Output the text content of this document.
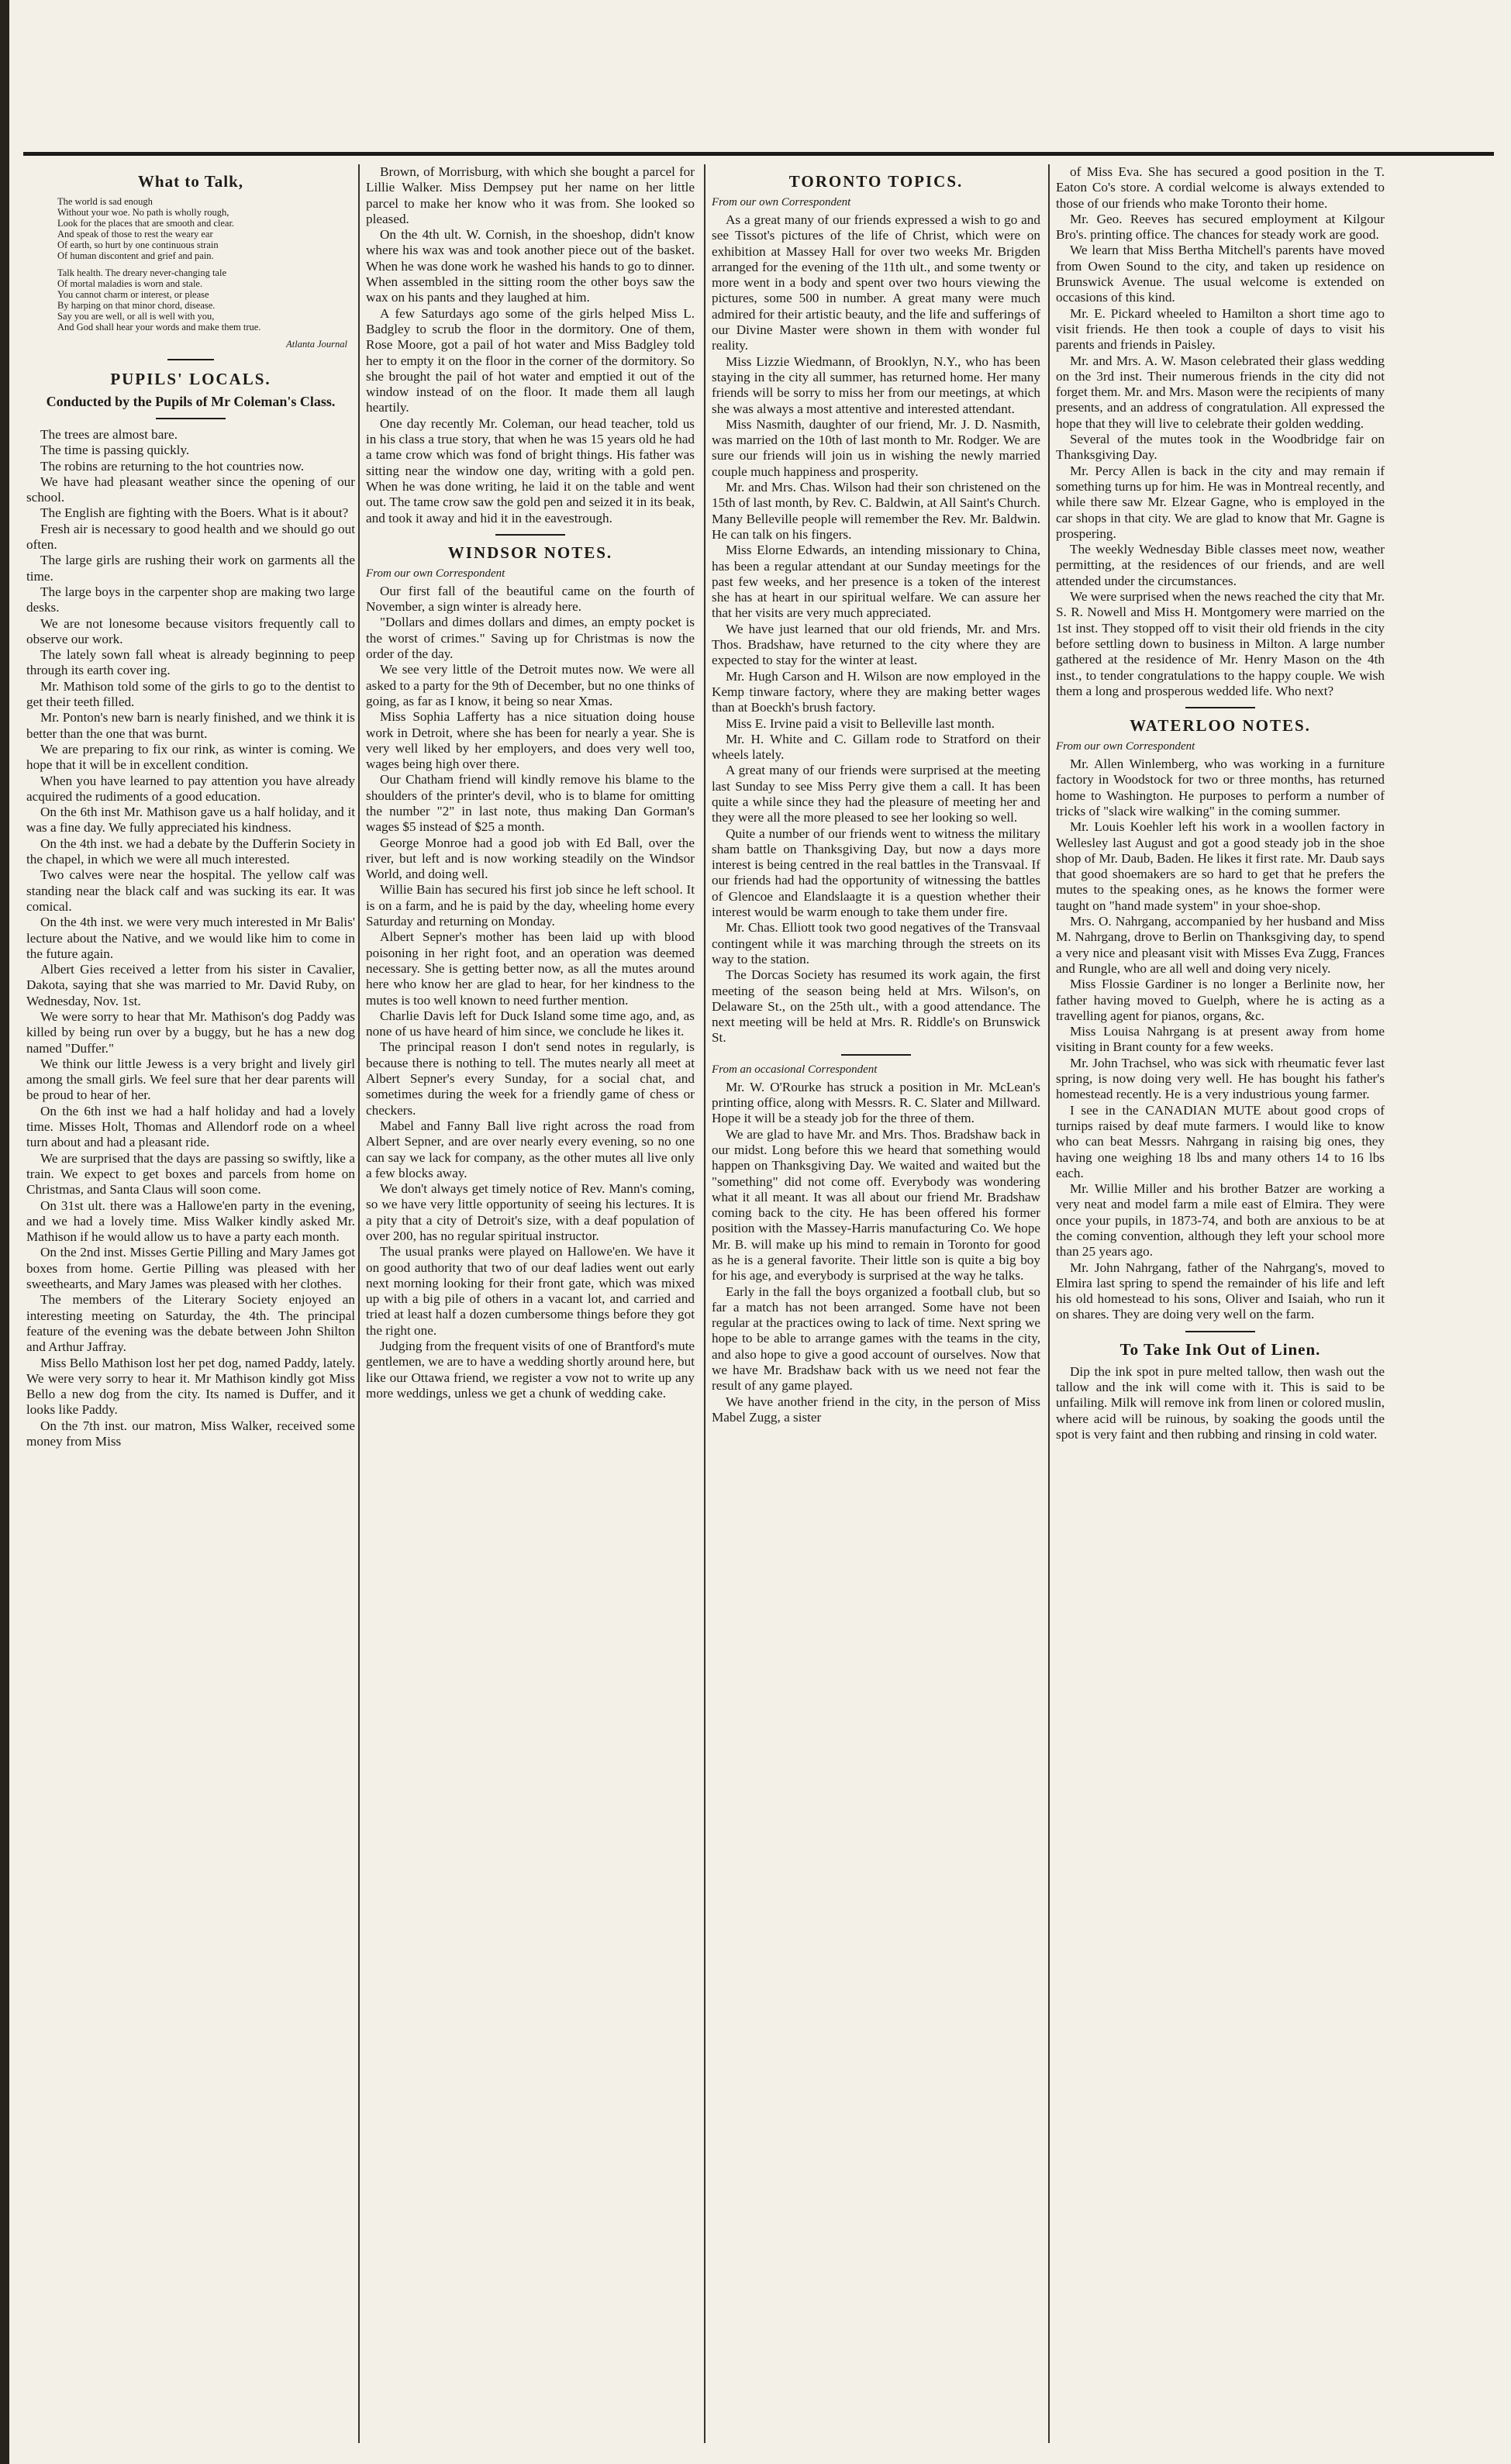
What to Talk,

The world is sad enough

Without your woe. No path is wholly rough,

Look for the places that are smooth and clear.

And speak of those to rest the weary ear

Of earth, so hurt by one continuous strain

Of human discontent and grief and pain.

Talk health. The dreary never-changing tale

Of mortal maladies is worn and stale.

You cannot charm or interest, or please

By harping on that minor chord, disease.

Say you are well, or all is well with you,

And God shall hear your words and make them true.

Atlanta Journal

PUPILS' LOCALS.
Conducted by the Pupils of Mr Coleman's Class.

The trees are almost bare.

The time is passing quickly.

The robins are returning to the hot countries now.

We have had pleasant weather since the opening of our school.

The English are fighting with the Boers. What is it about?

Fresh air is necessary to good health and we should go out often.

The large girls are rushing their work on garments all the time.

The large boys in the carpenter shop are making two large desks.

We are not lonesome because visitors frequently call to observe our work.

The lately sown fall wheat is already beginning to peep through its earth cover ing.

Mr. Mathison told some of the girls to go to the dentist to get their teeth filled.

Mr. Ponton's new barn is nearly finished, and we think it is better than the one that was burnt.

We are preparing to fix our rink, as winter is coming. We hope that it will be in excellent condition.

When you have learned to pay attention you have already acquired the rudiments of a good education.

On the 6th inst Mr. Mathison gave us a half holiday, and it was a fine day. We fully appreciated his kindness.

On the 4th inst. we had a debate by the Dufferin Society in the chapel, in which we were all much interested.

Two calves were near the hospital. The yellow calf was standing near the black calf and was sucking its ear. It was comical.

On the 4th inst. we were very much interested in Mr Balis' lecture about the Native, and we would like him to come in the future again.

Albert Gies received a letter from his sister in Cavalier, Dakota, saying that she was married to Mr. David Ruby, on Wednesday, Nov. 1st.

We were sorry to hear that Mr. Mathison's dog Paddy was killed by being run over by a buggy, but he has a new dog named "Duffer."

We think our little Jewess is a very bright and lively girl among the small girls. We feel sure that her dear parents will be proud to hear of her.

On the 6th inst we had a half holiday and had a lovely time. Misses Holt, Thomas and Allendorf rode on a wheel turn about and had a pleasant ride.

We are surprised that the days are passing so swiftly, like a train. We expect to get boxes and parcels from home on Christmas, and Santa Claus will soon come.

On 31st ult. there was a Hallowe'en party in the evening, and we had a lovely time. Miss Walker kindly asked Mr. Mathison if he would allow us to have a party each month.

On the 2nd inst. Misses Gertie Pilling and Mary James got boxes from home. Gertie Pilling was pleased with her sweethearts, and Mary James was pleased with her clothes.

The members of the Literary Society enjoyed an interesting meeting on Saturday, the 4th. The principal feature of the evening was the debate between John Shilton and Arthur Jaffray.

Miss Bello Mathison lost her pet dog, named Paddy, lately. We were very sorry to hear it. Mr Mathison kindly got Miss Bello a new dog from the city. Its named is Duffer, and it looks like Paddy.

On the 7th inst. our matron, Miss Walker, received some money from Miss

Brown, of Morrisburg, with which she bought a parcel for Lillie Walker. Miss Dempsey put her name on her little parcel to make her know who it was from. She looked so pleased.

On the 4th ult. W. Cornish, in the shoeshop, didn't know where his wax was and took another piece out of the basket. When he was done work he washed his hands to go to dinner. When assembled in the sitting room the other boys saw the wax on his pants and they laughed at him.

A few Saturdays ago some of the girls helped Miss L. Badgley to scrub the floor in the dormitory. One of them, Rose Moore, got a pail of hot water and Miss Badgley told her to empty it on the floor in the corner of the dormitory. So she brought the pail of hot water and emptied it out of the window instead of on the floor. It made them all laugh heartily.

One day recently Mr. Coleman, our head teacher, told us in his class a true story, that when he was 15 years old he had a tame crow which was fond of bright things. His father was sitting near the window one day, writing with a gold pen. When he was done writing, he laid it on the table and went out. The tame crow saw the gold pen and seized it in its beak, and took it away and hid it in the eavestrough.

WINDSOR NOTES.
From our own Correspondent

Our first fall of the beautiful came on the fourth of November, a sign winter is already here.

"Dollars and dimes dollars and dimes, an empty pocket is the worst of crimes." Saving up for Christmas is now the order of the day.

We see very little of the Detroit mutes now. We were all asked to a party for the 9th of December, but no one thinks of going, as far as I know, it being so near Xmas.

Miss Sophia Lafferty has a nice situation doing house work in Detroit, where she has been for nearly a year. She is very well liked by her employers, and does very well too, wages being high over there.

Our Chatham friend will kindly remove his blame to the shoulders of the printer's devil, who is to blame for omitting the number "2" in last note, thus making Dan Gorman's wages $5 instead of $25 a month.

George Monroe had a good job with Ed Ball, over the river, but left and is now working steadily on the Windsor World, and doing well.

Willie Bain has secured his first job since he left school. It is on a farm, and he is paid by the day, wheeling home every Saturday and returning on Monday.

Albert Sepner's mother has been laid up with blood poisoning in her right foot, and an operation was deemed necessary. She is getting better now, as all the mutes around here who know her are glad to hear, for her kindness to the mutes is too well known to need further mention.

Charlie Davis left for Duck Island some time ago, and, as none of us have heard of him since, we conclude he likes it.

The principal reason I don't send notes in regularly, is because there is nothing to tell. The mutes nearly all meet at Albert Sepner's every Sunday, for a social chat, and sometimes during the week for a friendly game of chess or checkers.

Mabel and Fanny Ball live right across the road from Albert Sepner, and are over nearly every evening, so no one can say we lack for company, as the other mutes all live only a few blocks away.

We don't always get timely notice of Rev. Mann's coming, so we have very little opportunity of seeing his lectures. It is a pity that a city of Detroit's size, with a deaf population of over 200, has no regular spiritual instructor.

The usual pranks were played on Hallowe'en. We have it on good authority that two of our deaf ladies went out early next morning looking for their front gate, which was mixed up with a big pile of others in a vacant lot, and carried and tried at least half a dozen cumbersome things before they got the right one.

Judging from the frequent visits of one of Brantford's mute gentlemen, we are to have a wedding shortly around here, but like our Ottawa friend, we register a vow not to write up any more weddings, unless we get a chunk of wedding cake.

TORONTO TOPICS.
From our own Correspondent

As a great many of our friends expressed a wish to go and see Tissot's pictures of the life of Christ, which were on exhibition at Massey Hall for over two weeks Mr. Brigden arranged for the evening of the 11th ult., and some twenty or more went in a body and spent over two hours viewing the pictures, some 500 in number. A great many were much admired for their artistic beauty, and the life and sufferings of our Divine Master were shown in them with wonder ful reality.

Miss Lizzie Wiedmann, of Brooklyn, N.Y., who has been staying in the city all summer, has returned home. Her many friends will be sorry to miss her from our meetings, at which she was always a most attentive and interested attendant.

Miss Nasmith, daughter of our friend, Mr. J. D. Nasmith, was married on the 10th of last month to Mr. Rodger. We are sure our friends will join us in wishing the newly married couple much happiness and prosperity.

Mr. and Mrs. Chas. Wilson had their son christened on the 15th of last month, by Rev. C. Baldwin, at All Saint's Church. Many Belleville people will remember the Rev. Mr. Baldwin. He can talk on his fingers.

Miss Elorne Edwards, an intending missionary to China, has been a regular attendant at our Sunday meetings for the past few weeks, and her presence is a token of the interest she has at heart in our spiritual welfare. We can assure her that her visits are very much appreciated.

We have just learned that our old friends, Mr. and Mrs. Thos. Bradshaw, have returned to the city where they are expected to stay for the winter at least.

Mr. Hugh Carson and H. Wilson are now employed in the Kemp tinware factory, where they are making better wages than at Boeckh's brush factory.

Miss E. Irvine paid a visit to Belleville last month.

Mr. H. White and C. Gillam rode to Stratford on their wheels lately.

A great many of our friends were surprised at the meeting last Sunday to see Miss Perry give them a call. It has been quite a while since they had the pleasure of meeting her and they were all the more pleased to see her looking so well.

Quite a number of our friends went to witness the military sham battle on Thanksgiving Day, but now a days more interest is being centred in the real battles in the Transvaal. If our friends had had the opportunity of witnessing the battles of Glencoe and Elandslaagte it is a question whether their interest would be warm enough to take them under fire.

Mr. Chas. Elliott took two good negatives of the Transvaal contingent while it was marching through the streets on its way to the station.

The Dorcas Society has resumed its work again, the first meeting of the season being held at Mrs. Wilson's, on Delaware St., on the 25th ult., with a good attendance. The next meeting will be held at Mrs. R. Riddle's on Brunswick St.

From an occasional Correspondent

Mr. W. O'Rourke has struck a position in Mr. McLean's printing office, along with Messrs. R. C. Slater and Millward. Hope it will be a steady job for the three of them.

We are glad to have Mr. and Mrs. Thos. Bradshaw back in our midst. Long before this we heard that something would happen on Thanksgiving Day. We waited and waited but the "something" did not come off. Everybody was wondering what it all meant. It was all about our friend Mr. Bradshaw coming back to the city. He has been offered his former position with the Massey-Harris manufacturing Co. We hope Mr. B. will make up his mind to remain in Toronto for good as he is a general favorite. Their little son is quite a big boy for his age, and everybody is surprised at the way he talks.

Early in the fall the boys organized a football club, but so far a match has not been arranged. Some have not been regular at the practices owing to lack of time. Next spring we hope to be able to arrange games with the teams in the city, and also hope to give a good account of ourselves. Now that we have Mr. Bradshaw back with us we need not fear the result of any game played.

We have another friend in the city, in the person of Miss Mabel Zugg, a sister

of Miss Eva. She has secured a good position in the T. Eaton Co's store. A cordial welcome is always extended to those of our friends who make Toronto their home.

Mr. Geo. Reeves has secured employment at Kilgour Bro's. printing office. The chances for steady work are good.

We learn that Miss Bertha Mitchell's parents have moved from Owen Sound to the city, and taken up residence on Brunswick Avenue. The usual welcome is extended on occasions of this kind.

Mr. E. Pickard wheeled to Hamilton a short time ago to visit friends. He then took a couple of days to visit his parents and friends in Paisley.

Mr. and Mrs. A. W. Mason celebrated their glass wedding on the 3rd inst. Their numerous friends in the city did not forget them. Mr. and Mrs. Mason were the recipients of many presents, and an address of congratulation. All expressed the hope that they will live to celebrate their golden wedding.

Several of the mutes took in the Woodbridge fair on Thanksgiving Day.

Mr. Percy Allen is back in the city and may remain if something turns up for him. He was in Montreal recently, and while there saw Mr. Elzear Gagne, who is employed in the car shops in that city. We are glad to know that Mr. Gagne is prospering.

The weekly Wednesday Bible classes meet now, weather permitting, at the residences of our friends, and are well attended under the circumstances.

We were surprised when the news reached the city that Mr. S. R. Nowell and Miss H. Montgomery were married on the 1st inst. They stopped off to visit their old friends in the city before settling down to business in Milton. A large number gathered at the residence of Mr. Henry Mason on the 4th inst., to tender congratulations to the happy couple. We wish them a long and prosperous wedded life. Who next?

WATERLOO NOTES.
From our own Correspondent

Mr. Allen Winlemberg, who was working in a furniture factory in Woodstock for two or three months, has returned home to Washington. He purposes to perform a number of tricks of "slack wire walking" in the coming summer.

Mr. Louis Koehler left his work in a woollen factory in Wellesley last August and got a good steady job in the shoe shop of Mr. Daub, Baden. He likes it first rate. Mr. Daub says that good shoemakers are so hard to get that he prefers the mutes to the speaking ones, as he knows the former were taught on "hand made system" in your shoe-shop.

Mrs. O. Nahrgang, accompanied by her husband and Miss M. Nahrgang, drove to Berlin on Thanksgiving day, to spend a very nice and pleasant visit with Misses Eva Zugg, Frances and Rungle, who are all well and doing very nicely.

Miss Flossie Gardiner is no longer a Berlinite now, her father having moved to Guelph, where he is acting as a travelling agent for pianos, organs, &c.

Miss Louisa Nahrgang is at present away from home visiting in Brant county for a few weeks.

Mr. John Trachsel, who was sick with rheumatic fever last spring, is now doing very well. He has bought his father's homestead recently. He is a very industrious young farmer.

I see in the CANADIAN MUTE about good crops of turnips raised by deaf mute farmers. I would like to know who can beat Messrs. Nahrgang in raising big ones, they having one weighing 18 lbs and many others 14 to 16 lbs each.

Mr. Willie Miller and his brother Batzer are working a very neat and model farm a mile east of Elmira. They were once your pupils, in 1873-74, and both are anxious to be at the coming convention, although they left your school more than 25 years ago.

Mr. John Nahrgang, father of the Nahrgang's, moved to Elmira last spring to spend the remainder of his life and left his old homestead to his sons, Oliver and Isaiah, who run it on shares. They are doing very well on the farm.

To Take Ink Out of Linen.

Dip the ink spot in pure melted tallow, then wash out the tallow and the ink will come with it. This is said to be unfailing. Milk will remove ink from linen or colored muslin, where acid will be ruinous, by soaking the goods until the spot is very faint and then rubbing and rinsing in cold water.
